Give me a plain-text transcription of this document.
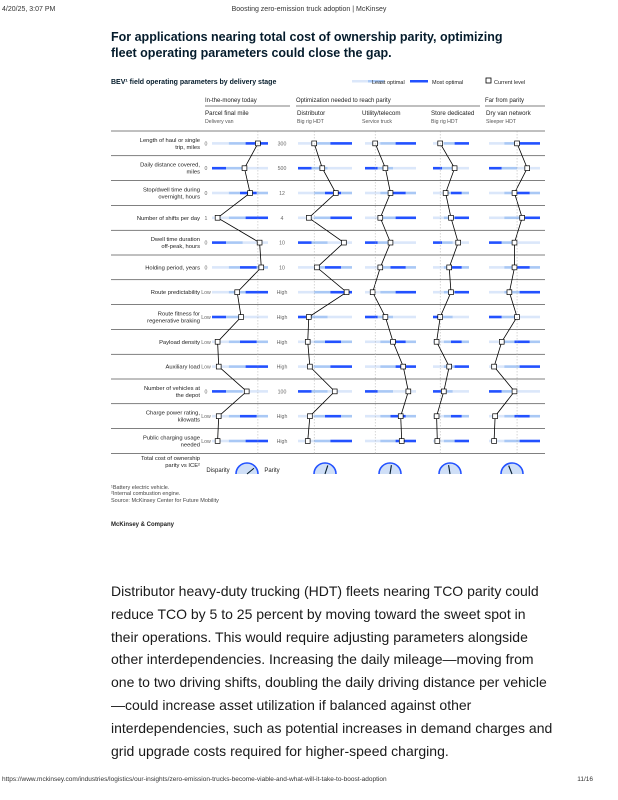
4/20/25, 3:07 PM	Boosting zero-emission truck adoption | McKinsey
For applications nearing total cost of ownership parity, optimizing fleet operating parameters could close the gap.
BEV¹ field operating parameters by delivery stage	Least optimal	Most optimal	Current level
In-the-money today	Optimization needed to reach parity	Far from parity
Parcel final mile
Delivery van
Distributor
Big rig HDT
Utility/telecom
Service truck
Store dedicated
Big rig HDT
Dry van network
Sleeper HDT
Length of haul or single
trip, miles
0	300
Daily distance covered,
miles
0	500
Stop/dwell time during
overnight, hours
0	12
Number of shifts per day 1	4
Dwell time duration
off-peak, hours
0	10
Holding period, years 0	10
Route predictability Low	High
Route fitness for
regenerative braking
Low	High
Payload density Low	High
Auxiliary load Low	High
Number of vehicles at
the depot
0	100
Charge power rating,
kilowatts
Low	High
Public charging usage
needed
Low	High
Total cost of ownership
parity vs ICE²
Disparity	Parity
¹Battery electric vehicle.
²Internal combustion engine.
Source: McKinsey Center for Future Mobility
McKinsey & Company
Distributor heavy-duty trucking (HDT) fleets nearing TCO parity could reduce TCO by 5 to 25 percent by moving toward the sweet spot in their operations. This would require adjusting parameters alongside other interdependencies. Increasing the daily mileage—moving from one to two driving shifts, doubling the daily driving distance per vehicle—could increase asset utilization if balanced against other interdependencies, such as potential increases in demand charges and grid upgrade costs required for higher-speed charging.
https://www.mckinsey.com/industries/logistics/our-insights/zero-emission-trucks-become-viable-and-what-will-it-take-to-boost-adoption	11/16
